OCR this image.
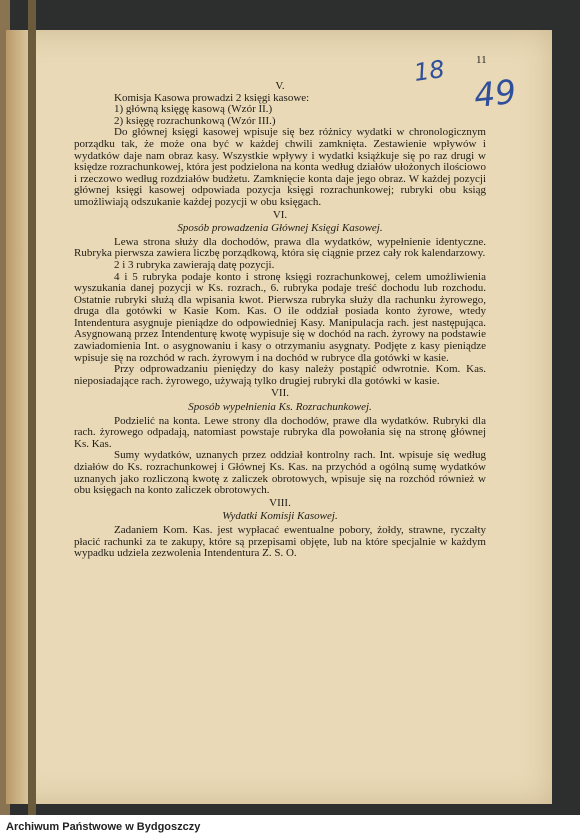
11
18
49

V.

Komisja Kasowa prowadzi 2 księgi kasowe:

1) główną księgę kasową (Wzór II.)

2) księgę rozrachunkową (Wzór III.)

Do głównej księgi kasowej wpisuje się bez różnicy wydatki w chronologicznym porządku tak, że może ona być w każdej chwili zamknięta. Zestawienie wpływów i wydatków daje nam obraz kasy. Wszystkie wpływy i wydatki książkuje się po raz drugi w księdze rozrachunkowej, która jest podzielona na konta według działów ułożonych ilościowo i rzeczowo według rozdziałów budżetu. Zamknięcie konta daje jego obraz. W każdej pozycji głównej księgi kasowej odpowiada pozycja księgi rozrachunkowej; rubryki obu ksiąg umożliwiają odszukanie każdej pozycji w obu księgach.

VI.

Sposób prowadzenia Głównej Księgi Kasowej.

Lewa strona służy dla dochodów, prawa dla wydatków, wypełnienie identyczne. Rubryka pierwsza zawiera liczbę porządkową, która się ciągnie przez cały rok kalendarzowy.

2 i 3 rubryka zawierają datę pozycji.

4 i 5 rubryka podaje konto i stronę księgi rozrachunkowej, celem umożliwienia wyszukania danej pozycji w Ks. rozrach., 6. rubryka podaje treść dochodu lub rozchodu. Ostatnie rubryki służą dla wpisania kwot. Pierwsza rubryka służy dla rachunku żyrowego, druga dla gotówki w Kasie Kom. Kas. O ile oddział posiada konto żyrowe, wtedy Intendentura asygnuje pieniądze do odpowiedniej Kasy. Manipulacja rach. jest następująca. Asygnowaną przez Intendenturę kwotę wypisuje się w dochód na rach. żyrowy na podstawie zawiadomienia Int. o asygnowaniu i kasy o otrzymaniu asygnaty. Podjęte z kasy pieniądze wpisuje się na rozchód w rach. żyrowym i na dochód w rubryce dla gotówki w kasie.

Przy odprowadzaniu pieniędzy do kasy należy postąpić odwrotnie. Kom. Kas. nieposiadające rach. żyrowego, używają tylko drugiej rubryki dla gotówki w kasie.

VII.

Sposób wypełnienia Ks. Rozrachunkowej.

Podzielić na konta. Lewe strony dla dochodów, prawe dla wydatków. Rubryki dla rach. żyrowego odpadają, natomiast powstaje rubryka dla powołania się na stronę głównej Ks. Kas.

Sumy wydatków, uznanych przez oddział kontrolny rach. Int. wpisuje się według działów do Ks. rozrachunkowej i Głównej Ks. Kas. na przychód a ogólną sumę wydatków uznanych jako rozliczoną kwotę z zaliczek obrotowych, wpisuje się na rozchód również w obu księgach na konto zaliczek obrotowych.

VIII.

Wydatki Komisji Kasowej.

Zadaniem Kom. Kas. jest wypłacać ewentualne pobory, żołdy, strawne, ryczałty płacić rachunki za te zakupy, które są przepisami objęte, lub na które specjalnie w każdym wypadku udziela zezwolenia Intendentura Z. S. O.

Archiwum Państwowe w Bydgoszczy
